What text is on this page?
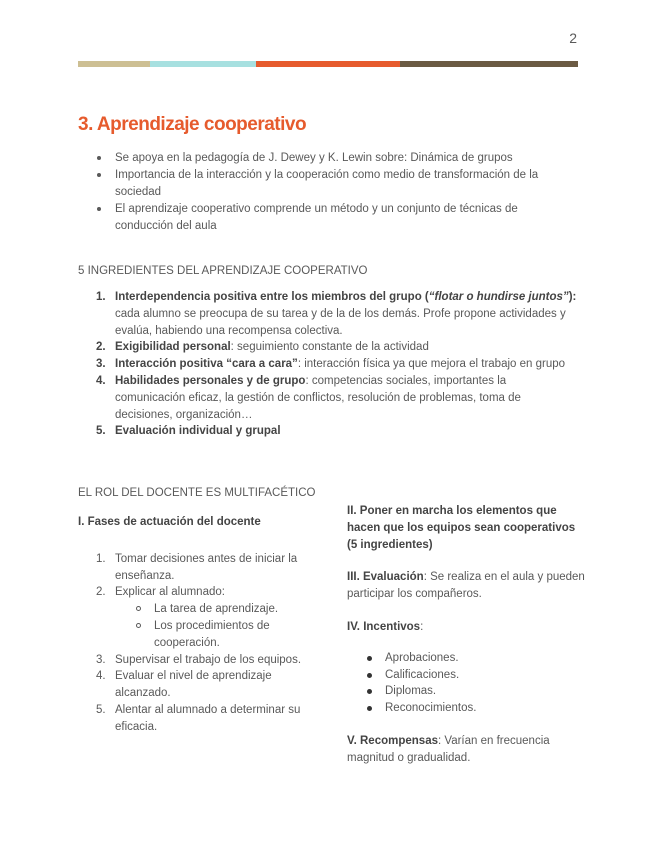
2
3. Aprendizaje cooperativo
Se apoya en la pedagogía de J. Dewey y K. Lewin sobre: Dinámica de grupos
Importancia de la interacción y la cooperación como medio de transformación de la sociedad
El aprendizaje cooperativo comprende un método y un conjunto de técnicas de conducción del aula
5 INGREDIENTES DEL APRENDIZAJE COOPERATIVO
1. Interdependencia positiva entre los miembros del grupo (“flotar o hundirse juntos”): cada alumno se preocupa de su tarea y de la de los demás. Profe propone actividades y evalúa, habiendo una recompensa colectiva.
2. Exigibilidad personal: seguimiento constante de la actividad
3. Interacción positiva “cara a cara”: interacción física ya que mejora el trabajo en grupo
4. Habilidades personales y de grupo: competencias sociales, importantes la comunicación eficaz, la gestión de conflictos, resolución de problemas, toma de decisiones, organización…
5. Evaluación individual y grupal
EL ROL DEL DOCENTE ES MULTIFACÉTICO

I. Fases de actuación del docente

1. Tomar decisiones antes de iniciar la enseñanza.
2. Explicar al alumnado:
La tarea de aprendizaje.
Los procedimientos de cooperación.
3. Supervisar el trabajo de los equipos.
4. Evaluar el nivel de aprendizaje alcanzado.
5. Alentar al alumnado a determinar su eficacia.

II. Poner en marcha los elementos que hacen que los equipos sean cooperativos (5 ingredientes)

III. Evaluación: Se realiza en el aula y pueden participar los compañeros.

IV. Incentivos:

Aprobaciones.
Calificaciones.
Diplomas.
Reconocimientos.

V. Recompensas: Varían en frecuencia magnitud o gradualidad.
